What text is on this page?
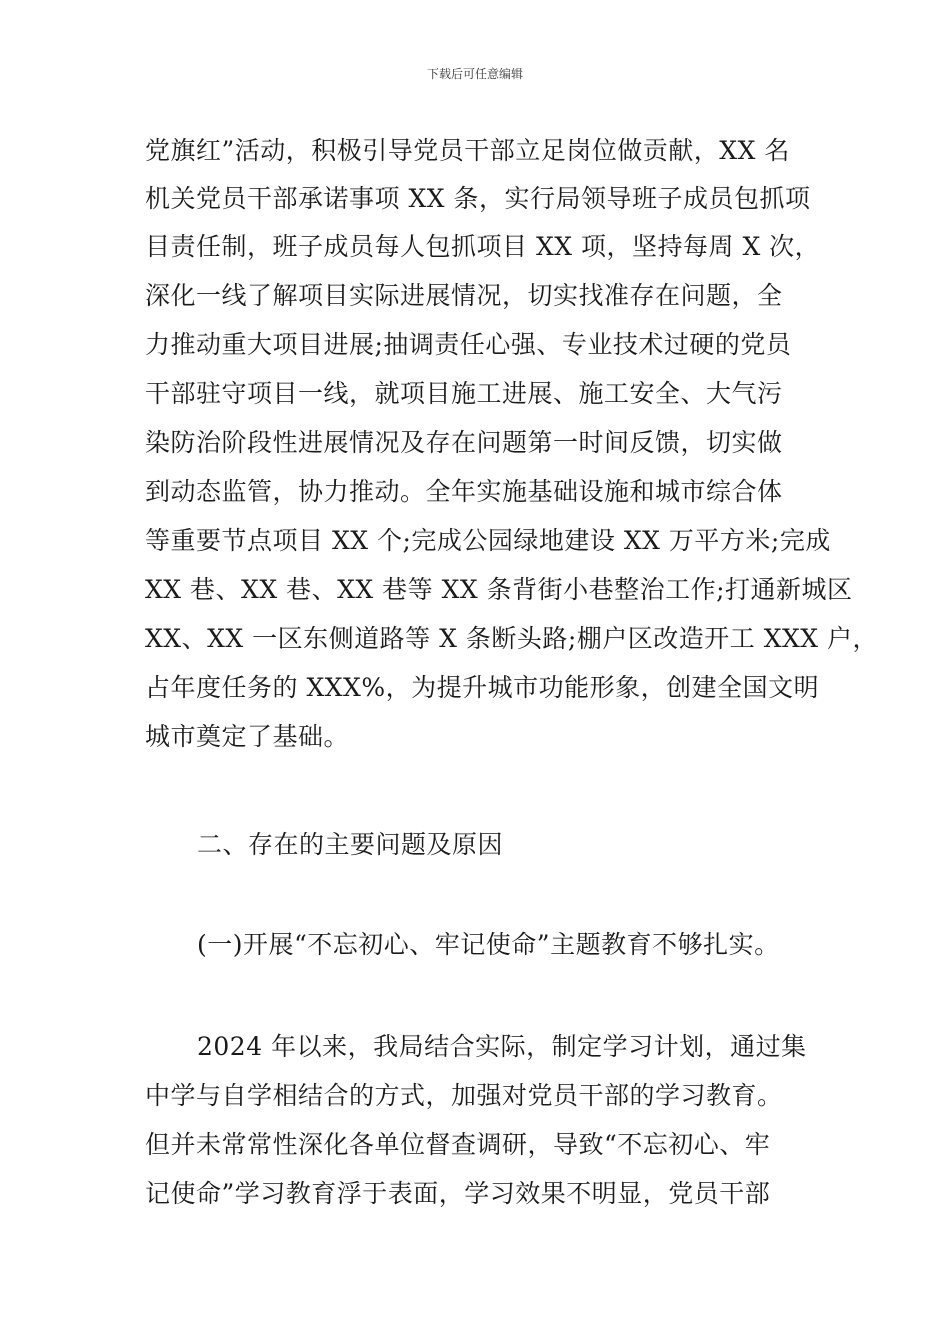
下载后可任意编辑
党旗红”活动，积极引导党员干部立足岗位做贡献，XX 名
机关党员干部承诺事项 XX 条，实行局领导班子成员包抓项
目责任制，班子成员每人包抓项目 XX 项，坚持每周 X 次，
深化一线了解项目实际进展情况，切实找准存在问题，全
力推动重大项目进展;抽调责任心强、专业技术过硬的党员
干部驻守项目一线，就项目施工进展、施工安全、大气污
染防治阶段性进展情况及存在问题第一时间反馈，切实做
到动态监管，协力推动。全年实施基础设施和城市综合体
等重要节点项目 XX 个;完成公园绿地建设 XX 万平方米;完成
XX 巷、XX 巷、XX 巷等 XX 条背街小巷整治工作;打通新城区
XX、XX 一区东侧道路等 X 条断头路;棚户区改造开工 XXX 户，
占年度任务的 XXX%，为提升城市功能形象，创建全国文明
城市奠定了基础。
二、存在的主要问题及原因
(一)开展“不忘初心、牢记使命”主题教育不够扎实。
2024 年以来，我局结合实际，制定学习计划，通过集
中学与自学相结合的方式，加强对党员干部的学习教育。
但并未常常性深化各单位督查调研，导致“不忘初心、牢
记使命”学习教育浮于表面，学习效果不明显，党员干部
